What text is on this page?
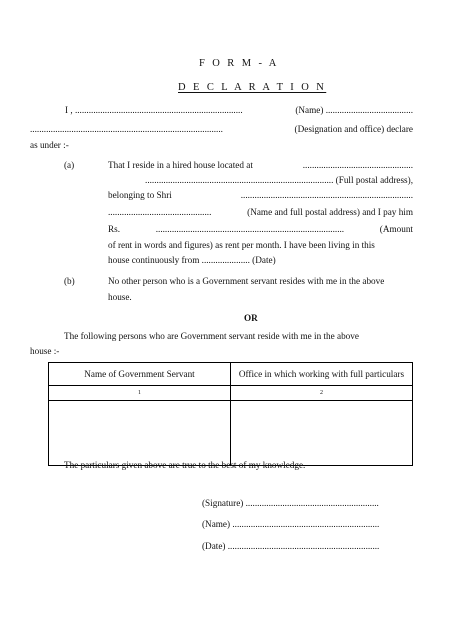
F O R M - A
D E C L A R A T I O N
I , .........................................................................	(Name) ......................................
....................................................................................	(Designation and office) declare
as under :-
(a)	That I reside in a hired house located at	................................................
.................................................................................. (Full postal address),
belonging to Shri	...........................................................................
.............................................	(Name and full postal address) and I pay him
Rs.	..................................................................................	(Amount
of rent in words and figures) as rent per month. I have been living in this
house continuously from ..................... (Date)
(b)	No other person who is a Government servant resides with me in the above
house.
OR
The following persons who are Government servant reside with me in the above
house :-
Name of Government Servant	Office in which working with full particulars
1	2

The particulars given above are true to the best of my knowledge.
(Signature) ..........................................................
(Name) ................................................................
(Date) ..................................................................
